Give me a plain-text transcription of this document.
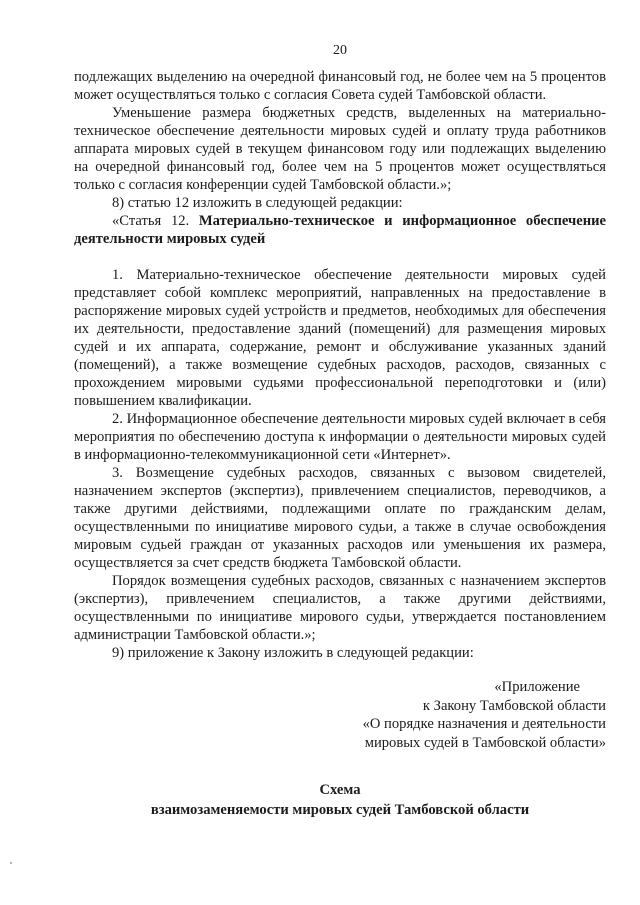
20

подлежащих выделению на очередной финансовый год, не более чем на 5 процентов может осуществляться только с согласия Совета судей Тамбовской области.

Уменьшение размера бюджетных средств, выделенных на материально-техническое обеспечение деятельности мировых судей и оплату труда работников аппарата мировых судей в текущем финансовом году или подлежащих выделению на очередной финансовый год, более чем на 5 процентов может осуществляться только с согласия конференции судей Тамбовской области.»;

8) статью 12 изложить в следующей редакции:

«Статья 12. Материально-техническое и информационное обеспечение деятельности мировых судей

1. Материально-техническое обеспечение деятельности мировых судей представляет собой комплекс мероприятий, направленных на предоставление в распоряжение мировых судей устройств и предметов, необходимых для обеспечения их деятельности, предоставление зданий (помещений) для размещения мировых судей и их аппарата, содержание, ремонт и обслуживание указанных зданий (помещений), а также возмещение судебных расходов, расходов, связанных с прохождением мировыми судьями профессиональной переподготовки и (или) повышением квалификации.

2. Информационное обеспечение деятельности мировых судей включает в себя мероприятия по обеспечению доступа к информации о деятельности мировых судей в информационно-телекоммуникационной сети «Интернет».

3. Возмещение судебных расходов, связанных с вызовом свидетелей, назначением экспертов (экспертиз), привлечением специалистов, переводчиков, а также другими действиями, подлежащими оплате по гражданским делам, осуществленными по инициативе мирового судьи, а также в случае освобождения мировым судьей граждан от указанных расходов или уменьшения их размера, осуществляется за счет средств бюджета Тамбовской области.

Порядок возмещения судебных расходов, связанных с назначением экспертов (экспертиз), привлечением специалистов, а также другими действиями, осуществленными по инициативе мирового судьи, утверждается постановлением администрации Тамбовской области.»;

9) приложение к Закону изложить в следующей редакции:

«Приложение
к Закону Тамбовской области
«О порядке назначения и деятельности
мировых судей в Тамбовской области»
Схема
взаимозаменяемости мировых судей Тамбовской области
